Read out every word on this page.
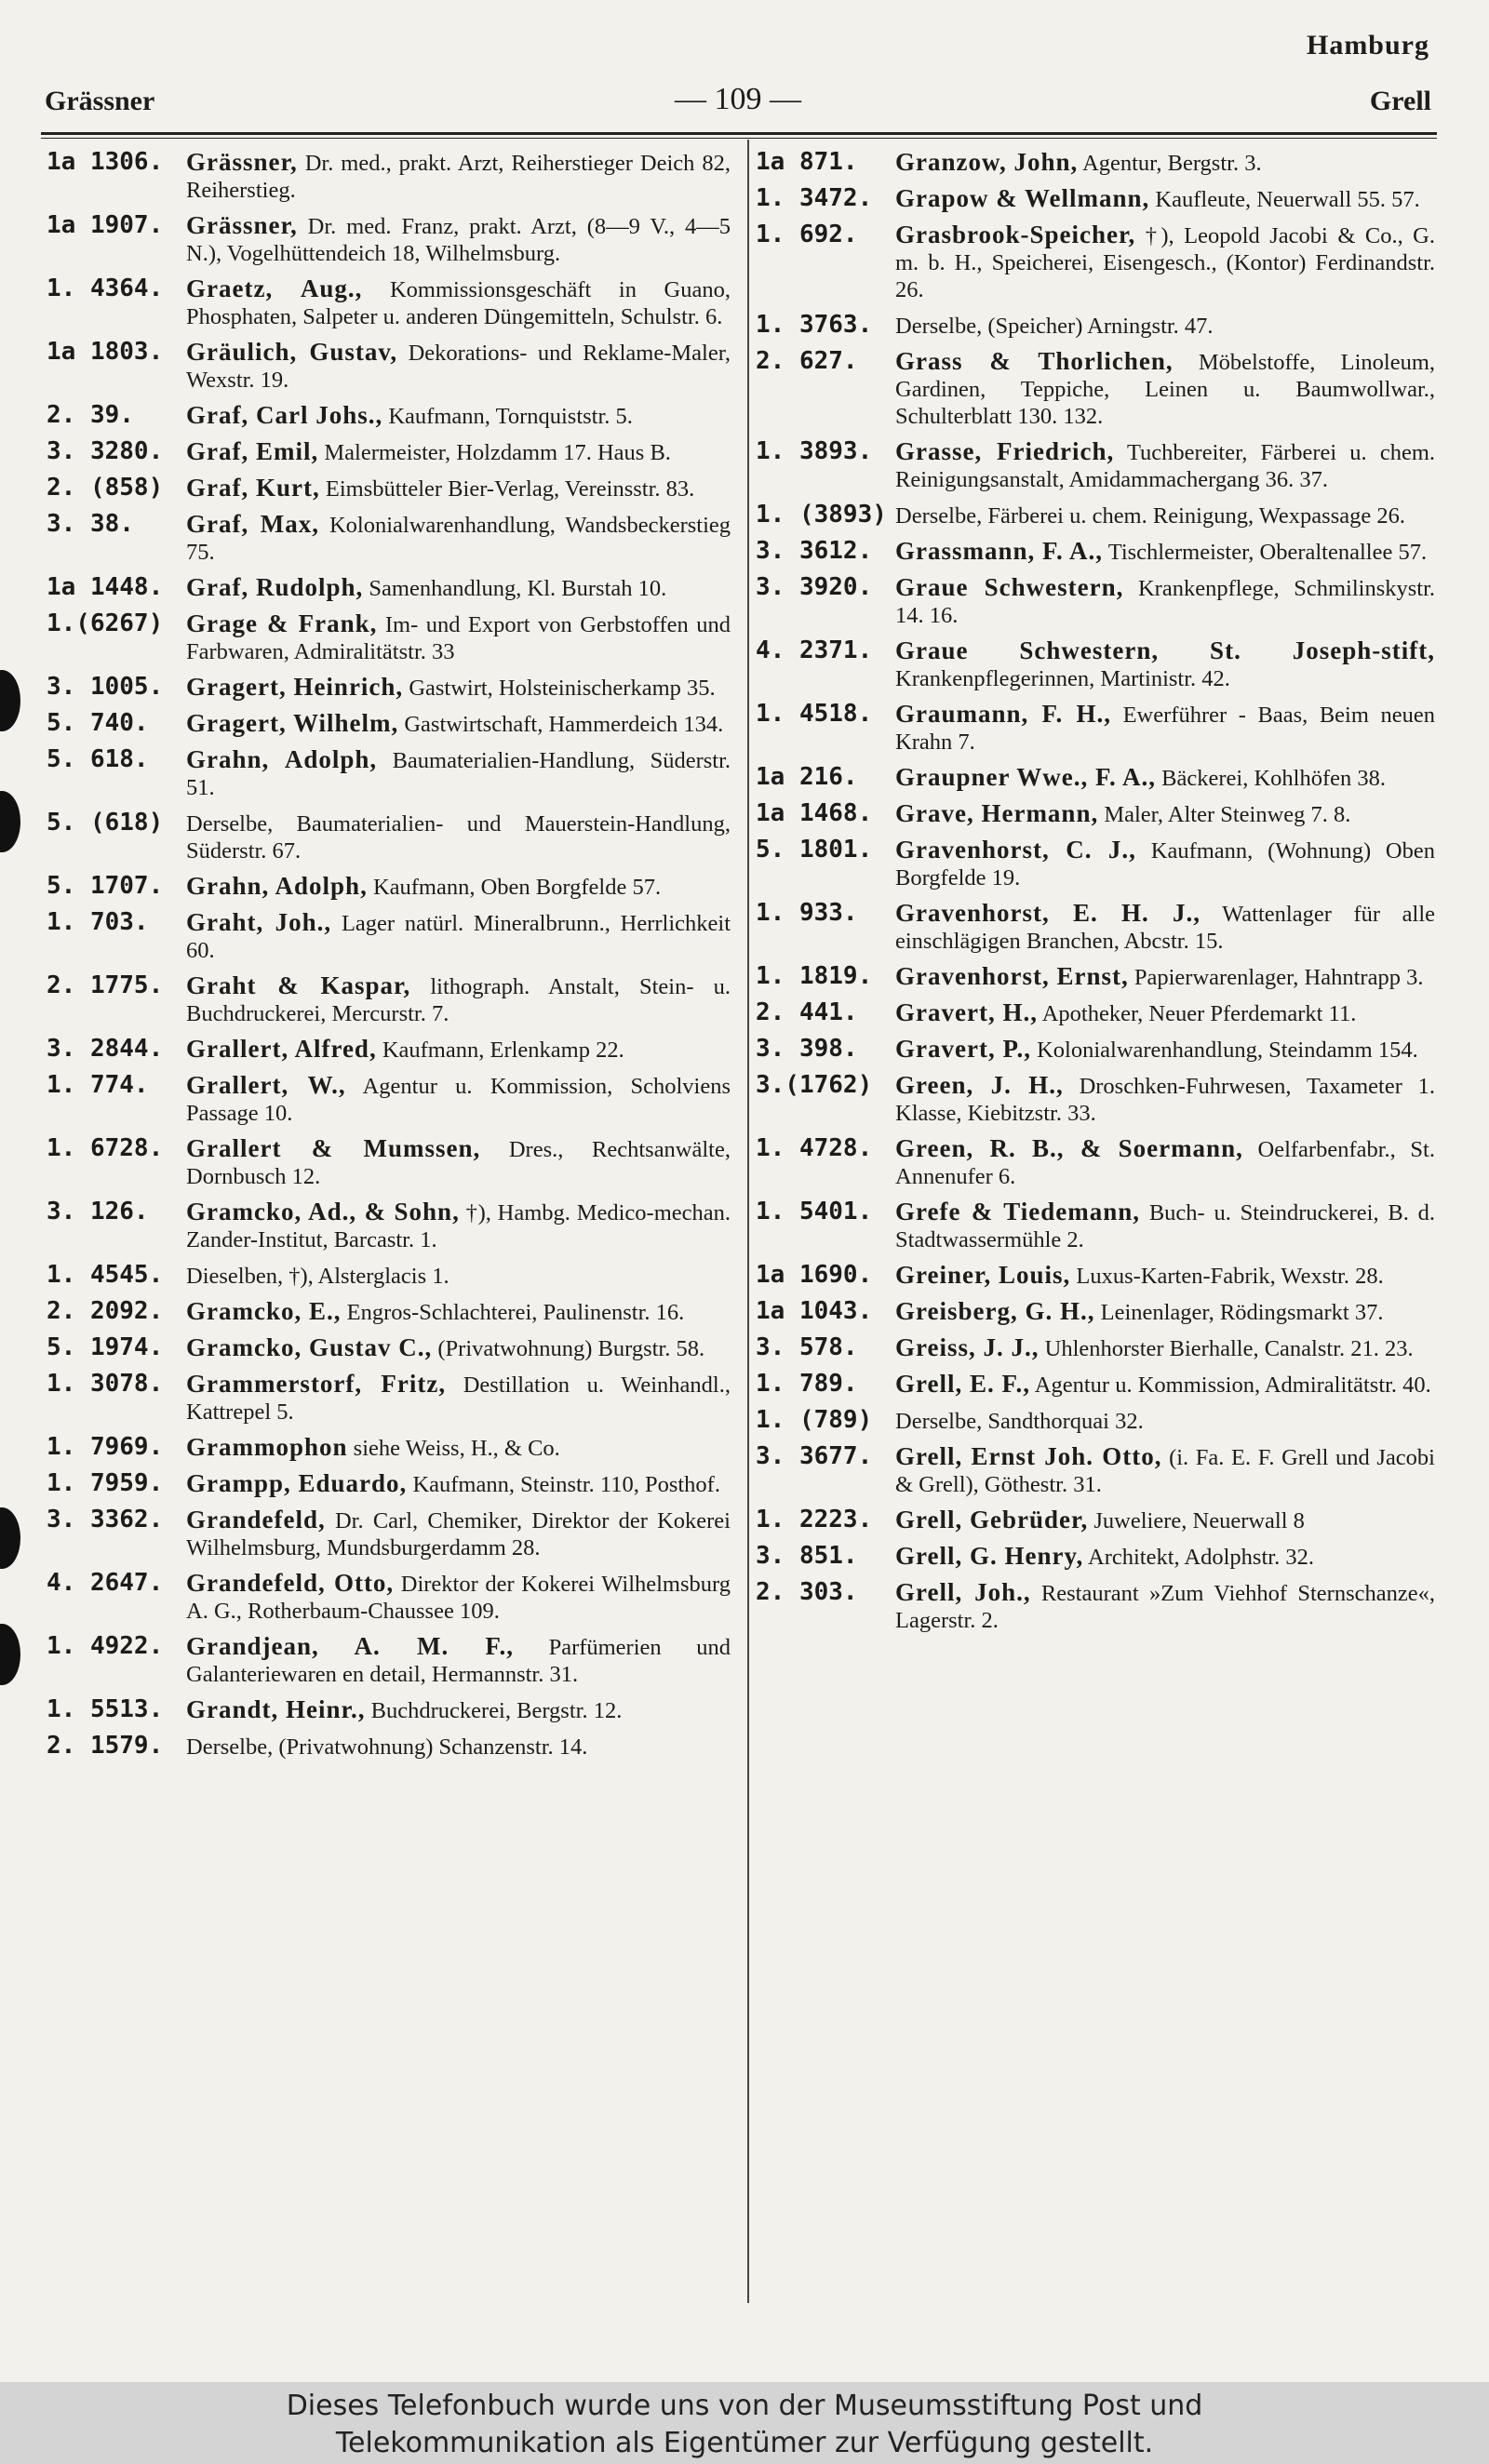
Hamburg
Grässner	— 109 —	Grell
1a 1306. Grässner, Dr. med., prakt. Arzt, Reiherstieger Deich 82, Reiherstieg.
1a 1907. Grässner, Dr. med. Franz, prakt. Arzt, (8—9 V., 4—5 N.), Vogelhüttendeich 18, Wilhelmsburg.
1. 4364. Graetz, Aug., Kommissionsgeschäft in Guano, Phosphaten, Salpeter u. anderen Düngemitteln, Schulstr. 6.
1a 1803. Gräulich, Gustav, Dekorations- und Reklame-Maler, Wexstr. 19.
2. 39.	Graf, Carl Johs., Kaufmann, Tornquiststr. 5.
3. 3280. Graf, Emil, Malermeister, Holzdamm 17. Haus B.
2. (858) Graf, Kurt, Eimsbütteler Bier-Verlag, Vereinsstr. 83.
3. 38.	Graf, Max, Kolonialwarenhandlung, Wandsbeckerstieg 75.
1a 1448. Graf, Rudolph, Samenhandlung, Kl. Burstah 10.
1.(6267) Grage & Frank, Im- und Export von Gerbstoffen und Farbwaren, Admiralitätstr. 33
3. 1005. Gragert, Heinrich, Gastwirt, Holsteinischerkamp 35.
5. 740.	Gragert, Wilhelm, Gastwirtschaft, Hammerdeich 134.
5. 618.	Grahn, Adolph, Baumaterialien-Handlung, Süderstr. 51.
5. (618)	Derselbe, Baumaterialien- und Mauerstein-Handlung, Süderstr. 67.
5. 1707. Grahn, Adolph, Kaufmann, Oben Borgfelde 57.
1. 703.	Graht, Joh., Lager natürl. Mineralbrunn., Herrlichkeit 60.
2. 1775. Graht & Kaspar, lithograph. Anstalt, Stein- u. Buchdruckerei, Mercurstr. 7.
3. 2844. Grallert, Alfred, Kaufmann, Erlenkamp 22.
1. 774.	Grallert, W., Agentur u. Kommission, Scholviens Passage 10.
1. 6728. Grallert & Mumssen, Dres., Rechtsanwälte, Dornbusch 12.
3. 126.	Gramcko, Ad., & Sohn, †), Hambg. Medico-mechan. Zander-Institut, Barcastr. 1.
1. 4545.	Dieselben, †), Alsterglacis 1.
2. 2092. Gramcko, E., Engros-Schlachterei, Paulinenstr. 16.
5. 1974. Gramcko, Gustav C., (Privatwohnung) Burgstr. 58.
1. 3078. Grammerstorf, Fritz, Destillation u. Weinhandl., Kattrepel 5.
1. 7969. Grammophon siehe Weiss, H., & Co.
1. 7959. Grampp, Eduardo, Kaufmann, Steinstr. 110, Posthof.
3. 3362. Grandefeld, Dr. Carl, Chemiker, Direktor der Kokerei Wilhelmsburg, Mundsburgerdamm 28.
4. 2647. Grandefeld, Otto, Direktor der Kokerei Wilhelmsburg A. G., Rotherbaum-Chaussee 109.
1. 4922. Grandjean, A. M. F., Parfümerien und Galanteriewaren en detail, Hermannstr. 31.
1. 5513. Grandt, Heinr., Buchdruckerei, Bergstr. 12.
2. 1579.	Derselbe, (Privatwohnung) Schanzenstr. 14.
1a 871.	Granzow, John, Agentur, Bergstr. 3.
1. 3472. Grapow & Wellmann, Kaufleute, Neuerwall 55. 57.
1. 692.	Grasbrook-Speicher, †), Leopold Jacobi & Co., G. m. b. H., Speicherei, Eisengesch., (Kontor) Ferdinandstr. 26.
1. 3763.	Derselbe, (Speicher) Arningstr. 47.
2. 627.	Grass & Thorlichen, Möbelstoffe, Linoleum, Gardinen, Teppiche, Leinen u. Baumwollwar., Schulterblatt 130. 132.
1. 3893. Grasse, Friedrich, Tuchbereiter, Färberei u. chem. Reinigungsanstalt, Amidammachergang 36. 37.
1. (3893) Derselbe, Färberei u. chem. Reinigung, Wexpassage 26.
3. 3612. Grassmann, F. A., Tischlermeister, Oberaltenallee 57.
3. 3920. Graue Schwestern, Krankenpflege, Schmilinskystr. 14. 16.
4. 2371. Graue Schwestern, St. Joseph-stift, Krankenpflegerinnen, Martinistr. 42.
1. 4518. Graumann, F. H., Ewerführer - Baas, Beim neuen Krahn 7.
1a 216.	Graupner Wwe., F. A., Bäckerei, Kohlhöfen 38.
1a 1468. Grave, Hermann, Maler, Alter Steinweg 7. 8.
5. 1801. Gravenhorst, C. J., Kaufmann, (Wohnung) Oben Borgfelde 19.
1. 933.	Gravenhorst, E. H. J., Wattenlager für alle einschlägigen Branchen, Abcstr. 15.
1. 1819. Gravenhorst, Ernst, Papierwarenlager, Hahntrapp 3.
2. 441.	Gravert, H., Apotheker, Neuer Pferdemarkt 11.
3. 398.	Gravert, P., Kolonialwarenhandlung, Steindamm 154.
3.(1762) Green, J. H., Droschken-Fuhrwesen, Taxameter 1. Klasse, Kiebitzstr. 33.
1. 4728. Green, R. B., & Soermann, Oelfarbenfabr., St. Annenufer 6.
1. 5401. Grefe & Tiedemann, Buch- u. Steindruckerei, B. d. Stadtwassermühle 2.
1a 1690. Greiner, Louis, Luxus-Karten-Fabrik, Wexstr. 28.
1a 1043. Greisberg, G. H., Leinenlager, Rödingsmarkt 37.
3. 578.	Greiss, J. J., Uhlenhorster Bierhalle, Canalstr. 21. 23.
1. 789.	Grell, E. F., Agentur u. Kommission, Admiralitätstr. 40.
1. (789)	Derselbe, Sandthorquai 32.
3. 3677. Grell, Ernst Joh. Otto, (i. Fa. E. F. Grell und Jacobi & Grell), Göthestr. 31.
1. 2223. Grell, Gebrüder, Juweliere, Neuerwall 8
3. 851.	Grell, G. Henry, Architekt, Adolphstr. 32.
2. 303.	Grell, Joh., Restaurant »Zum Viehhof Sternschanze«, Lagerstr. 2.
Dieses Telefonbuch wurde uns von der Museumsstiftung Post und
Telekommunikation als Eigentümer zur Verfügung gestellt.
